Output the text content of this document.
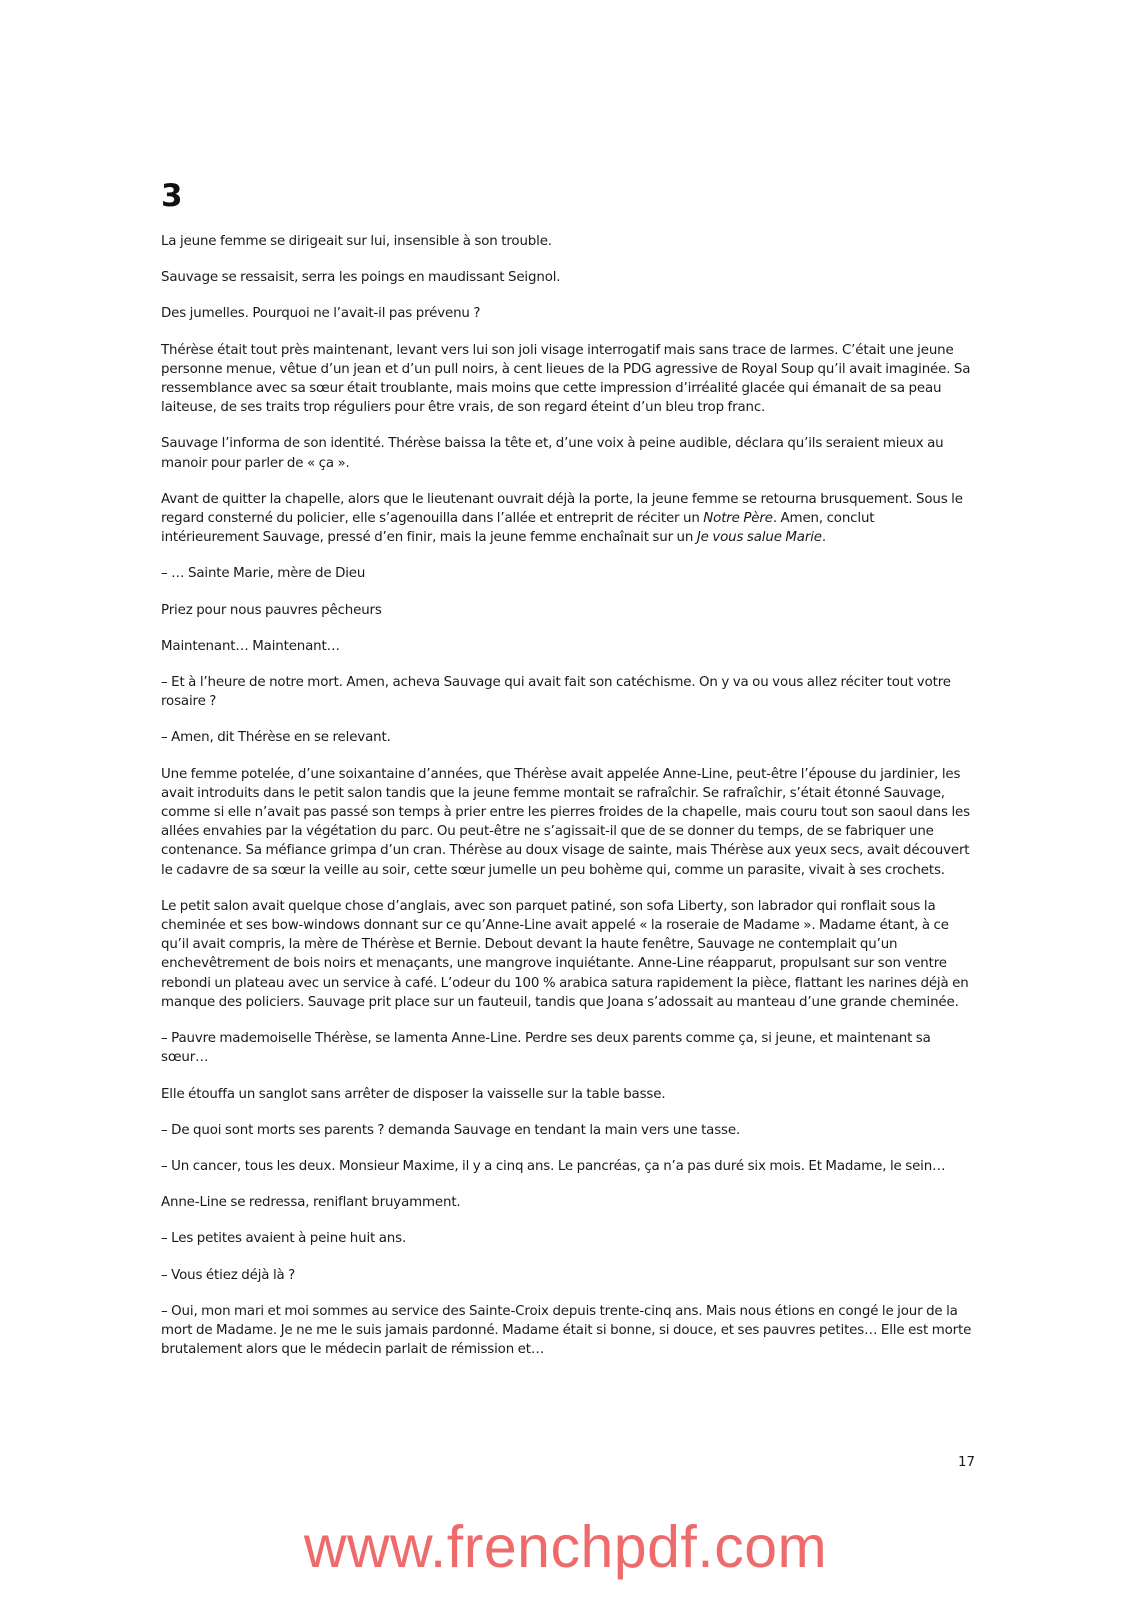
3

La jeune femme se dirigeait sur lui, insensible à son trouble.

Sauvage se ressaisit, serra les poings en maudissant Seignol.

Des jumelles. Pourquoi ne l’avait-il pas prévenu ?

Thérèse était tout près maintenant, levant vers lui son joli visage interrogatif mais sans trace de larmes. C’était une jeune personne menue, vêtue d’un jean et d’un pull noirs, à cent lieues de la PDG agressive de Royal Soup qu’il avait imaginée. Sa ressemblance avec sa sœur était troublante, mais moins que cette impression d’irréalité glacée qui émanait de sa peau laiteuse, de ses traits trop réguliers pour être vrais, de son regard éteint d’un bleu trop franc.

Sauvage l’informa de son identité. Thérèse baissa la tête et, d’une voix à peine audible, déclara qu’ils seraient mieux au manoir pour parler de « ça ».

Avant de quitter la chapelle, alors que le lieutenant ouvrait déjà la porte, la jeune femme se retourna brusquement. Sous le regard consterné du policier, elle s’agenouilla dans l’allée et entreprit de réciter un Notre Père. Amen, conclut intérieurement Sauvage, pressé d’en finir, mais la jeune femme enchaînait sur un Je vous salue Marie.

– … Sainte Marie, mère de Dieu

Priez pour nous pauvres pêcheurs

Maintenant… Maintenant…

– Et à l’heure de notre mort. Amen, acheva Sauvage qui avait fait son catéchisme. On y va ou vous allez réciter tout votre rosaire ?

– Amen, dit Thérèse en se relevant.

Une femme potelée, d’une soixantaine d’années, que Thérèse avait appelée Anne-Line, peut-être l’épouse du jardinier, les avait introduits dans le petit salon tandis que la jeune femme montait se rafraîchir. Se rafraîchir, s’était étonné Sauvage, comme si elle n’avait pas passé son temps à prier entre les pierres froides de la chapelle, mais couru tout son saoul dans les allées envahies par la végétation du parc. Ou peut-être ne s’agissait-il que de se donner du temps, de se fabriquer une contenance. Sa méfiance grimpa d’un cran. Thérèse au doux visage de sainte, mais Thérèse aux yeux secs, avait découvert le cadavre de sa sœur la veille au soir, cette sœur jumelle un peu bohème qui, comme un parasite, vivait à ses crochets.

Le petit salon avait quelque chose d’anglais, avec son parquet patiné, son sofa Liberty, son labrador qui ronflait sous la cheminée et ses bow-windows donnant sur ce qu’Anne-Line avait appelé « la roseraie de Madame ». Madame étant, à ce qu’il avait compris, la mère de Thérèse et Bernie. Debout devant la haute fenêtre, Sauvage ne contemplait qu’un enchevêtrement de bois noirs et menaçants, une mangrove inquiétante. Anne-Line réapparut, propulsant sur son ventre rebondi un plateau avec un service à café. L’odeur du 100 % arabica satura rapidement la pièce, flattant les narines déjà en manque des policiers. Sauvage prit place sur un fauteuil, tandis que Joana s’adossait au manteau d’une grande cheminée.

– Pauvre mademoiselle Thérèse, se lamenta Anne-Line. Perdre ses deux parents comme ça, si jeune, et maintenant sa sœur…

Elle étouffa un sanglot sans arrêter de disposer la vaisselle sur la table basse.

– De quoi sont morts ses parents ? demanda Sauvage en tendant la main vers une tasse.

– Un cancer, tous les deux. Monsieur Maxime, il y a cinq ans. Le pancréas, ça n’a pas duré six mois. Et Madame, le sein…

Anne-Line se redressa, reniflant bruyamment.

– Les petites avaient à peine huit ans.

– Vous étiez déjà là ?

– Oui, mon mari et moi sommes au service des Sainte-Croix depuis trente-cinq ans. Mais nous étions en congé le jour de la mort de Madame. Je ne me le suis jamais pardonné. Madame était si bonne, si douce, et ses pauvres petites… Elle est morte brutalement alors que le médecin parlait de rémission et…

17
www.frenchpdf.com
